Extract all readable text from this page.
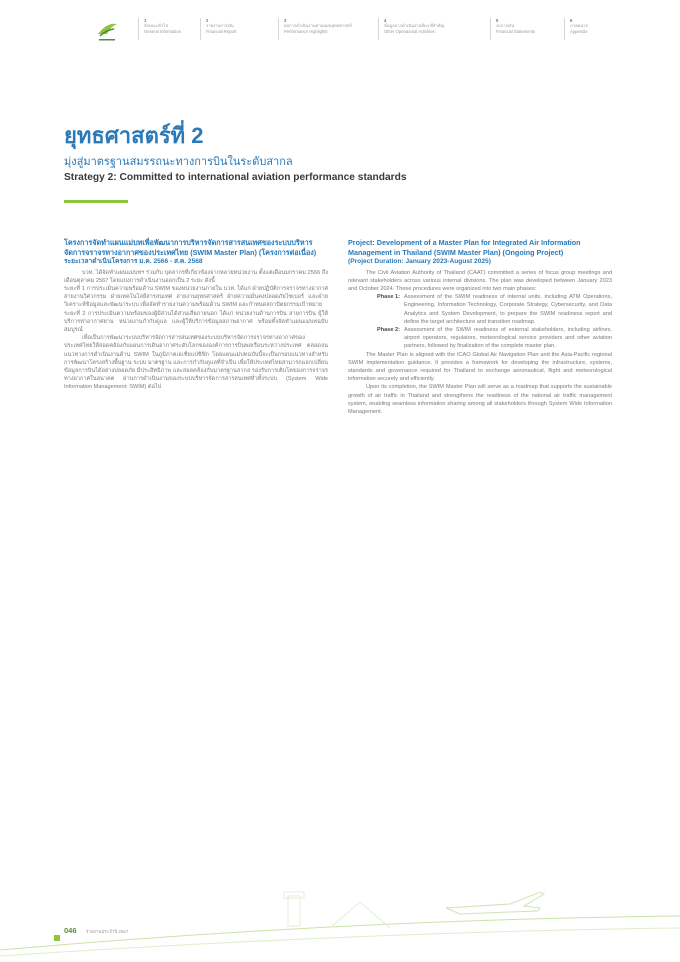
1
ลักษณะทั่วไป
General Information
2
รายงานการเงิน
Financial Report
3
ผลการดำเนินงานตามแผนยุทธศาสตร์
Performance Highlights
4
ข้อมูลการดำเนินงานอื่นๆ ที่สำคัญ
Other Operational Activities
5
งบการเงิน
Financial Statements
6
ภาคผนวก
Appendix
ยุทธศาสตร์ที่ 2
มุ่งสู่มาตรฐานสมรรถนะทางการบินในระดับสากล
Strategy 2: Committed to international aviation performance standards
โครงการจัดทำแผนแม่บทเพื่อพัฒนาการบริหารจัดการสารสนเทศของระบบบริหารจัดการจราจรทางอากาศของประเทศไทย (SWIM Master Plan) (โครงการต่อเนื่อง)
ระยะเวลาดำเนินโครงการ ม.ค. 2566 - ส.ค. 2568

บวท. ได้จัดทำแผนแม่บทฯ ร่วมกับ บุคลากรที่เกี่ยวข้องจากหลายหน่วยงาน ตั้งแต่เดือนมกราคม 2566 ถึงเดือนตุลาคม 2567 โดยแบ่งการดำเนินงานออกเป็น 2 ระยะ ดังนี้

ระยะที่ 1 การประเมินความพร้อมด้าน SWIM ของหน่วยงานภายใน บวท. ได้แก่ ฝ่ายปฏิบัติการจราจรทางอากาศ สายงานวิศวกรรม ฝ่ายเทคโนโลยีสารสนเทศ สายงานยุทธศาสตร์ ฝ่ายความมั่นคงปลอดภัยไซเบอร์ และฝ่ายวิเคราะห์ข้อมูลและพัฒนาระบบ เพื่อจัดทำรายงานความพร้อมด้าน SWIM และกำหนดสถาปัตยกรรมเป้าหมาย

ระยะที่ 2 การประเมินความพร้อมของผู้มีส่วนได้ส่วนเสียภายนอก ได้แก่ หน่วยงานด้านการบิน สายการบิน ผู้ให้บริการท่าอากาศยาน หน่วยงานกำกับดูแล และผู้ให้บริการข้อมูลสภาพอากาศ พร้อมทั้งจัดทำแผนแม่บทฉบับสมบูรณ์

เพื่อเป็นการพัฒนาระบบบริหารจัดการสารสนเทศของระบบบริหารจัดการจราจรทางอากาศของประเทศไทยให้สอดคล้องกับแผนการเดินอากาศระดับโลกขององค์การการบินพลเรือนระหว่างประเทศ ตลอดจนแนวทางการดำเนินงานด้าน SWIM ในภูมิภาคเอเชียแปซิฟิก โดยแผนแม่บทฉบับนี้จะเป็นกรอบแนวทางสำหรับการพัฒนาโครงสร้างพื้นฐาน ระบบ มาตรฐาน และการกำกับดูแลที่จำเป็น เพื่อให้ประเทศไทยสามารถแลกเปลี่ยนข้อมูลการบินได้อย่างปลอดภัย มีประสิทธิภาพ และสอดคล้องกับมาตรฐานสากล รองรับการเติบโตของการจราจรทางอากาศในอนาคต ผ่านการดำเนินงานของระบบบริหารจัดการสารสนเทศทั่วทั้งระบบ (System Wide Information Management: SWIM) ต่อไป

Project: Development of a Master Plan for Integrated Air Information Management in Thailand (SWIM Master Plan) (Ongoing Project)
(Project Duration: January 2023-August 2025)

The Civil Aviation Authority of Thailand (CAAT) committed a series of focus group meetings and relevant stakeholders across various internal divisions. The plan was developed between January 2023 and October 2024. These procedures were organized into two main phases:

Phase 1: Assessment of the SWIM readiness of internal units, including ATM Operations, Engineering, Information Technology, Corporate Strategy, Cybersecurity, and Data Analytics and System Development, to prepare the SWIM readiness report and define the target architecture and transition roadmap.
Phase 2: Assessment of the SWIM readiness of external stakeholders, including airlines, airport operators, regulators, meteorological service providers and other aviation partners, followed by finalization of the complete master plan.

The Master Plan is aligned with the ICAO Global Air Navigation Plan and the Asia-Pacific regional SWIM implementation guidance. It provides a framework for developing the infrastructure, systems, standards and governance required for Thailand to exchange aeronautical, flight and meteorological information securely and efficiently.

Upon its completion, the SWIM Master Plan will serve as a roadmap that supports the sustainable growth of air traffic in Thailand and strengthens the readiness of the national air traffic management system, enabling seamless information sharing among all stakeholders through System Wide Information Management.

046 รายงานประจำปี 2567
